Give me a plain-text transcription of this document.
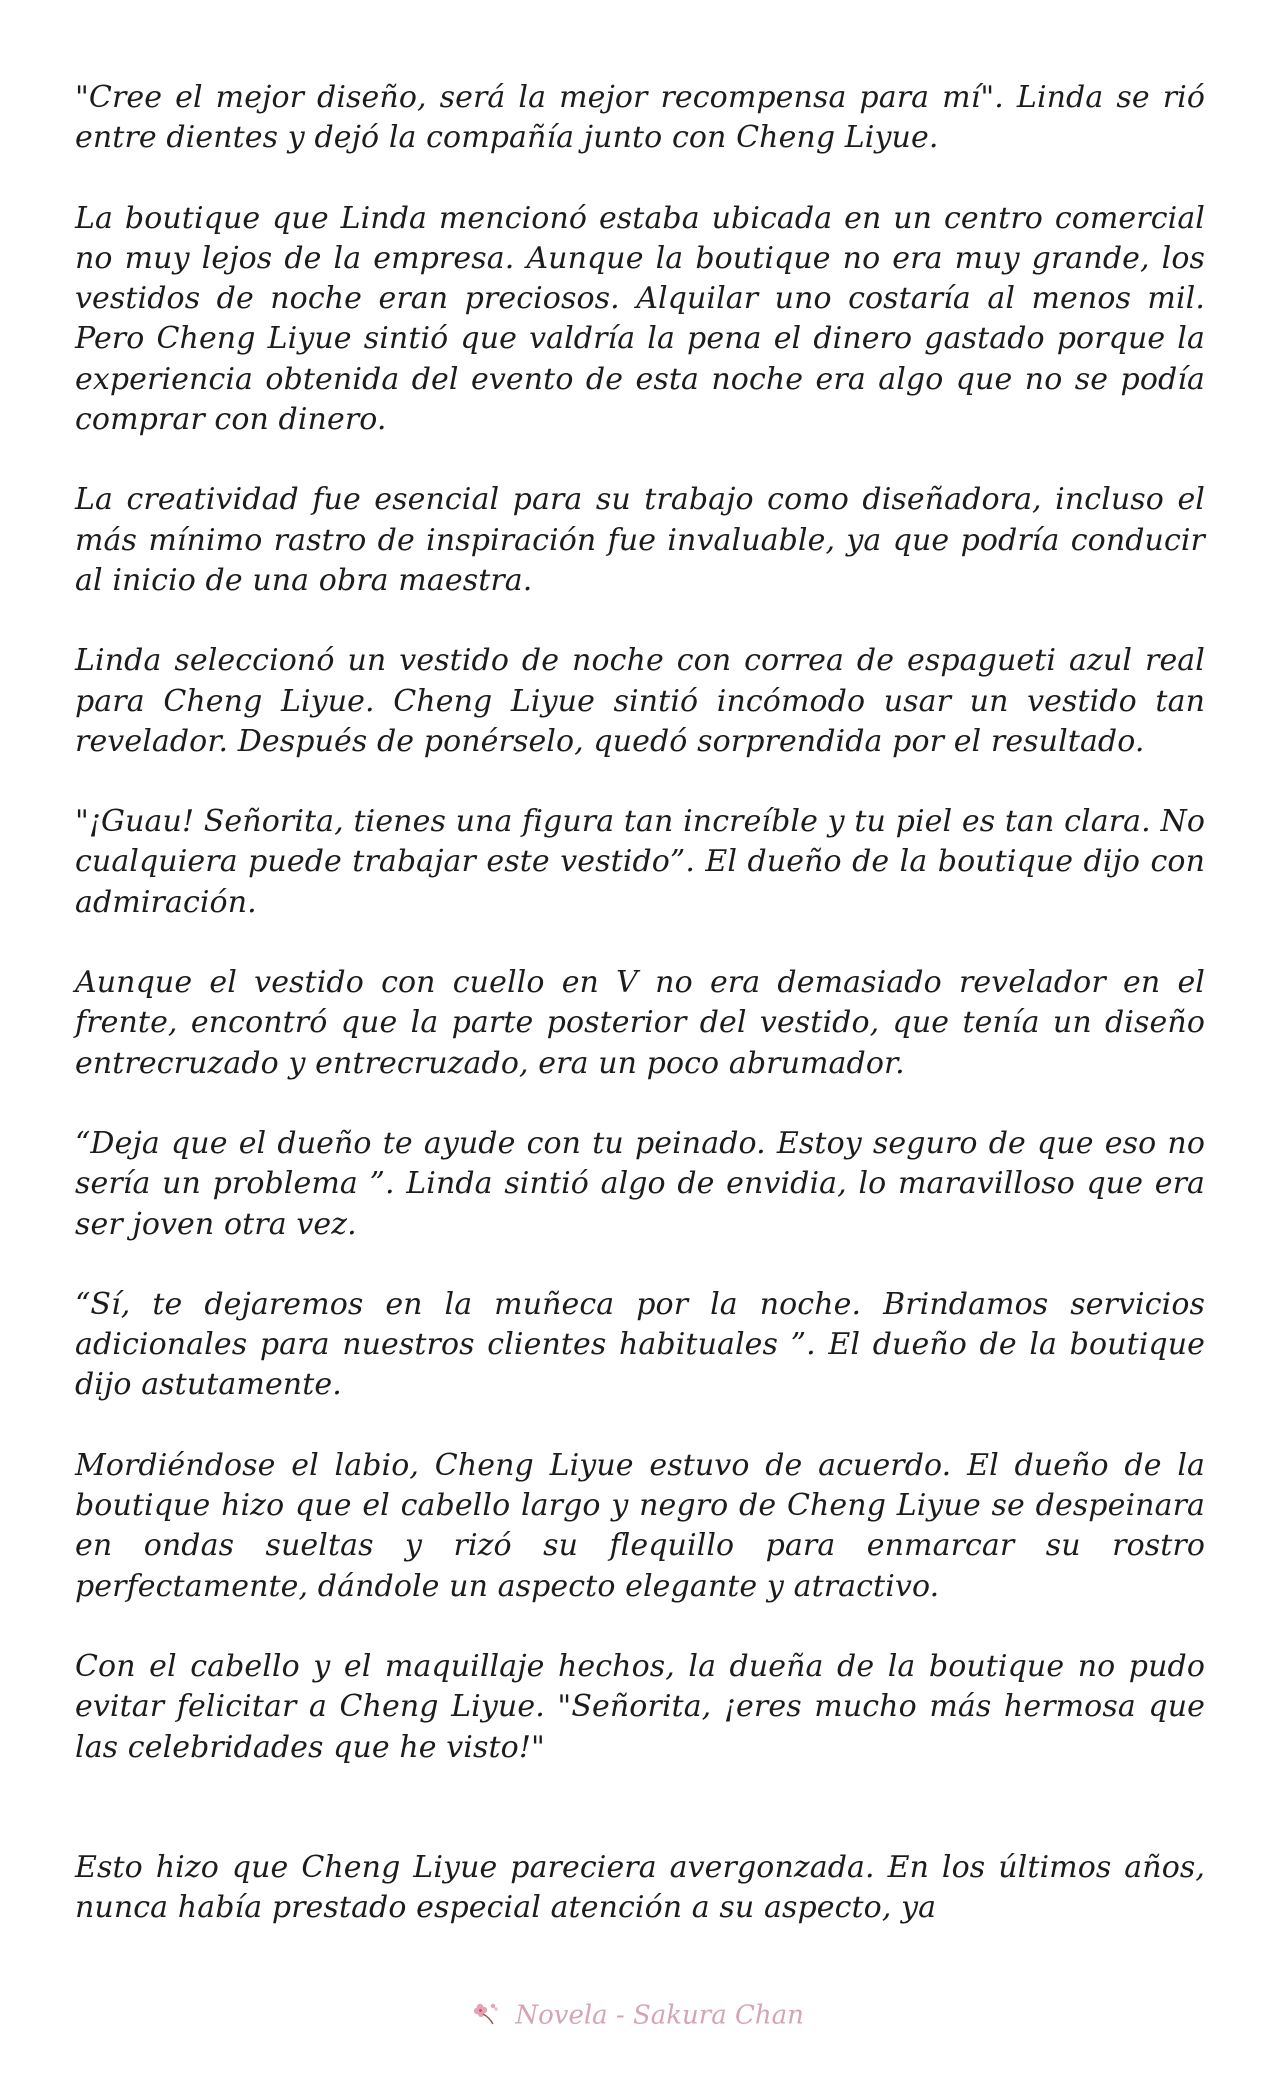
"Cree el mejor diseño, será la mejor recompensa para mí". Linda se rió entre dientes y dejó la compañía junto con Cheng Liyue.

La boutique que Linda mencionó estaba ubicada en un centro comercial no muy lejos de la empresa. Aunque la boutique no era muy grande, los vestidos de noche eran preciosos. Alquilar uno costaría al menos mil. Pero Cheng Liyue sintió que valdría la pena el dinero gastado porque la experiencia obtenida del evento de esta noche era algo que no se podía comprar con dinero.

La creatividad fue esencial para su trabajo como diseñadora, incluso el más mínimo rastro de inspiración fue invaluable, ya que podría conducir al inicio de una obra maestra.

Linda seleccionó un vestido de noche con correa de espagueti azul real para Cheng Liyue. Cheng Liyue sintió incómodo usar un vestido tan revelador. Después de ponérselo, quedó sorprendida por el resultado.

"¡Guau! Señorita, tienes una figura tan increíble y tu piel es tan clara. No cualquiera puede trabajar este vestido”. El dueño de la boutique dijo con admiración.

Aunque el vestido con cuello en V no era demasiado revelador en el frente, encontró que la parte posterior del vestido, que tenía un diseño entrecruzado y entrecruzado, era un poco abrumador.

“Deja que el dueño te ayude con tu peinado. Estoy seguro de que eso no sería un problema ”. Linda sintió algo de envidia, lo maravilloso que era ser joven otra vez.

“Sí, te dejaremos en la muñeca por la noche. Brindamos servicios adicionales para nuestros clientes habituales ”. El dueño de la boutique dijo astutamente.

Mordiéndose el labio, Cheng Liyue estuvo de acuerdo. El dueño de la boutique hizo que el cabello largo y negro de Cheng Liyue se despeinara en ondas sueltas y rizó su flequillo para enmarcar su rostro perfectamente, dándole un aspecto elegante y atractivo.

Con el cabello y el maquillaje hechos, la dueña de la boutique no pudo evitar felicitar a Cheng Liyue. "Señorita, ¡eres mucho más hermosa que las celebridades que he visto!"

Esto hizo que Cheng Liyue pareciera avergonzada. En los últimos años, nunca había prestado especial atención a su aspecto, ya

Novela - Sakura Chan
